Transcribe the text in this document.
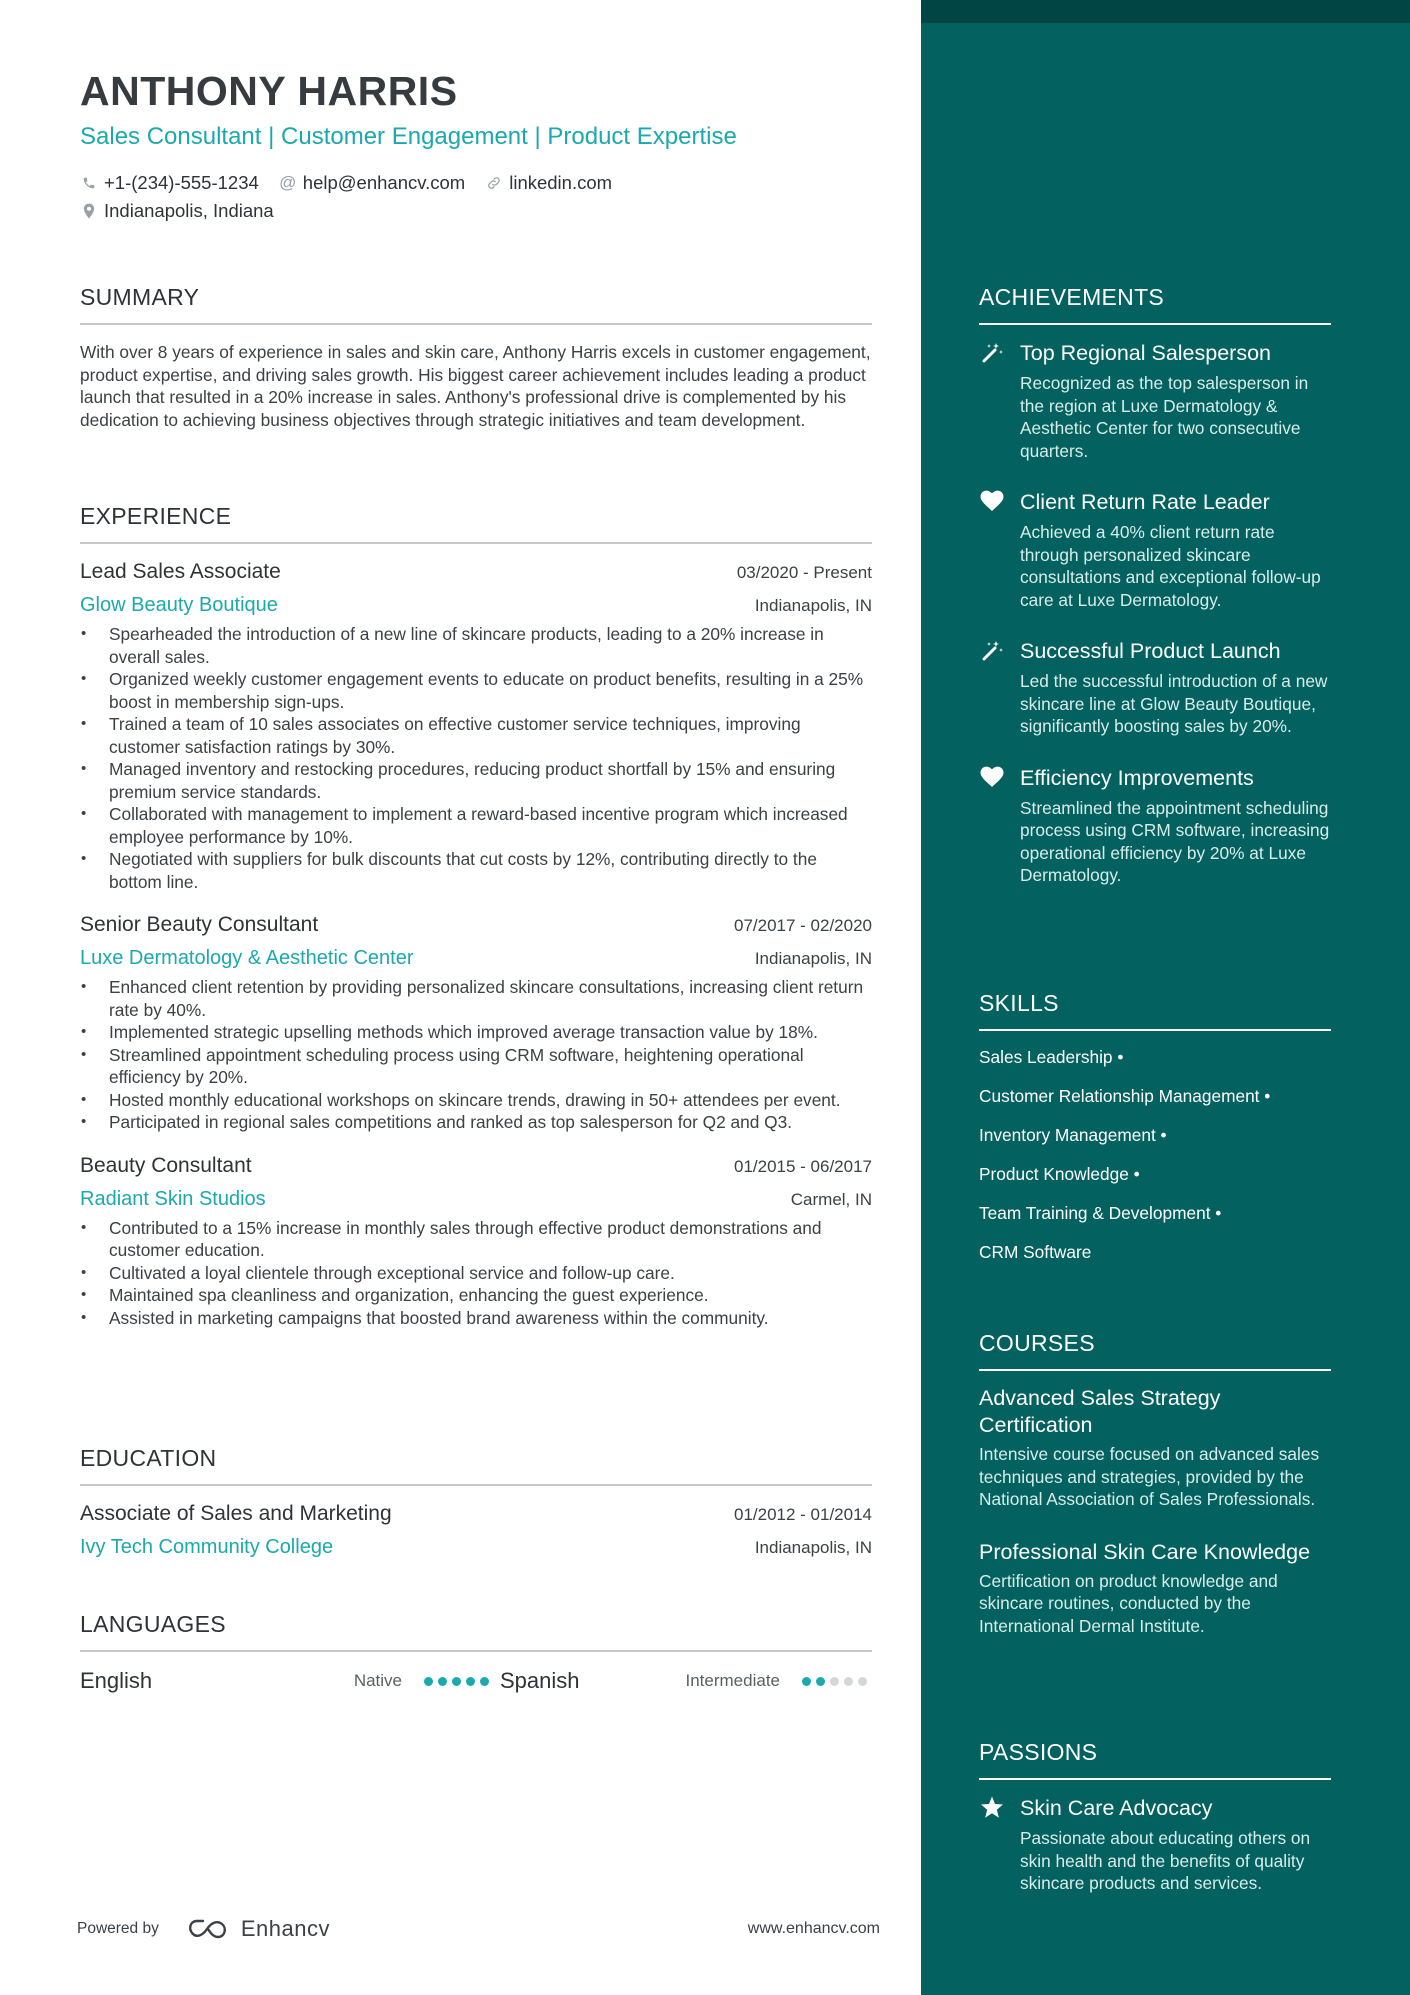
ANTHONY HARRIS
Sales Consultant | Customer Engagement | Product Expertise
+1-(234)-555-1234 @ help@enhancv.com linkedin.com
Indianapolis, Indiana
SUMMARY
With over 8 years of experience in sales and skin care, Anthony Harris excels in customer engagement, product expertise, and driving sales growth. His biggest career achievement includes leading a product launch that resulted in a 20% increase in sales. Anthony's professional drive is complemented by his dedication to achieving business objectives through strategic initiatives and team development.
EXPERIENCE
Lead Sales Associate	03/2020 - Present
Glow Beauty Boutique	Indianapolis, IN
• Spearheaded the introduction of a new line of skincare products, leading to a 20% increase in overall sales.
• Organized weekly customer engagement events to educate on product benefits, resulting in a 25% boost in membership sign-ups.
• Trained a team of 10 sales associates on effective customer service techniques, improving customer satisfaction ratings by 30%.
• Managed inventory and restocking procedures, reducing product shortfall by 15% and ensuring premium service standards.
• Collaborated with management to implement a reward-based incentive program which increased employee performance by 10%.
• Negotiated with suppliers for bulk discounts that cut costs by 12%, contributing directly to the bottom line.
Senior Beauty Consultant	07/2017 - 02/2020
Luxe Dermatology & Aesthetic Center	Indianapolis, IN
• Enhanced client retention by providing personalized skincare consultations, increasing client return rate by 40%.
• Implemented strategic upselling methods which improved average transaction value by 18%.
• Streamlined appointment scheduling process using CRM software, heightening operational efficiency by 20%.
• Hosted monthly educational workshops on skincare trends, drawing in 50+ attendees per event.
• Participated in regional sales competitions and ranked as top salesperson for Q2 and Q3.
Beauty Consultant	01/2015 - 06/2017
Radiant Skin Studios	Carmel, IN
• Contributed to a 15% increase in monthly sales through effective product demonstrations and customer education.
• Cultivated a loyal clientele through exceptional service and follow-up care.
• Maintained spa cleanliness and organization, enhancing the guest experience.
• Assisted in marketing campaigns that boosted brand awareness within the community.
EDUCATION
Associate of Sales and Marketing	01/2012 - 01/2014
Ivy Tech Community College	Indianapolis, IN
LANGUAGES
English	Native	Spanish	Intermediate
Powered by	Enhancv	www.enhancv.com
ACHIEVEMENTS
Top Regional Salesperson
Recognized as the top salesperson in the region at Luxe Dermatology & Aesthetic Center for two consecutive quarters.
Client Return Rate Leader
Achieved a 40% client return rate through personalized skincare consultations and exceptional follow-up care at Luxe Dermatology.
Successful Product Launch
Led the successful introduction of a new skincare line at Glow Beauty Boutique, significantly boosting sales by 20%.
Efficiency Improvements
Streamlined the appointment scheduling process using CRM software, increasing operational efficiency by 20% at Luxe Dermatology.
SKILLS
Sales Leadership •
Customer Relationship Management •
Inventory Management •
Product Knowledge •
Team Training & Development •
CRM Software
COURSES
Advanced Sales Strategy Certification
Intensive course focused on advanced sales techniques and strategies, provided by the National Association of Sales Professionals.
Professional Skin Care Knowledge
Certification on product knowledge and skincare routines, conducted by the International Dermal Institute.
PASSIONS
Skin Care Advocacy
Passionate about educating others on skin health and the benefits of quality skincare products and services.
